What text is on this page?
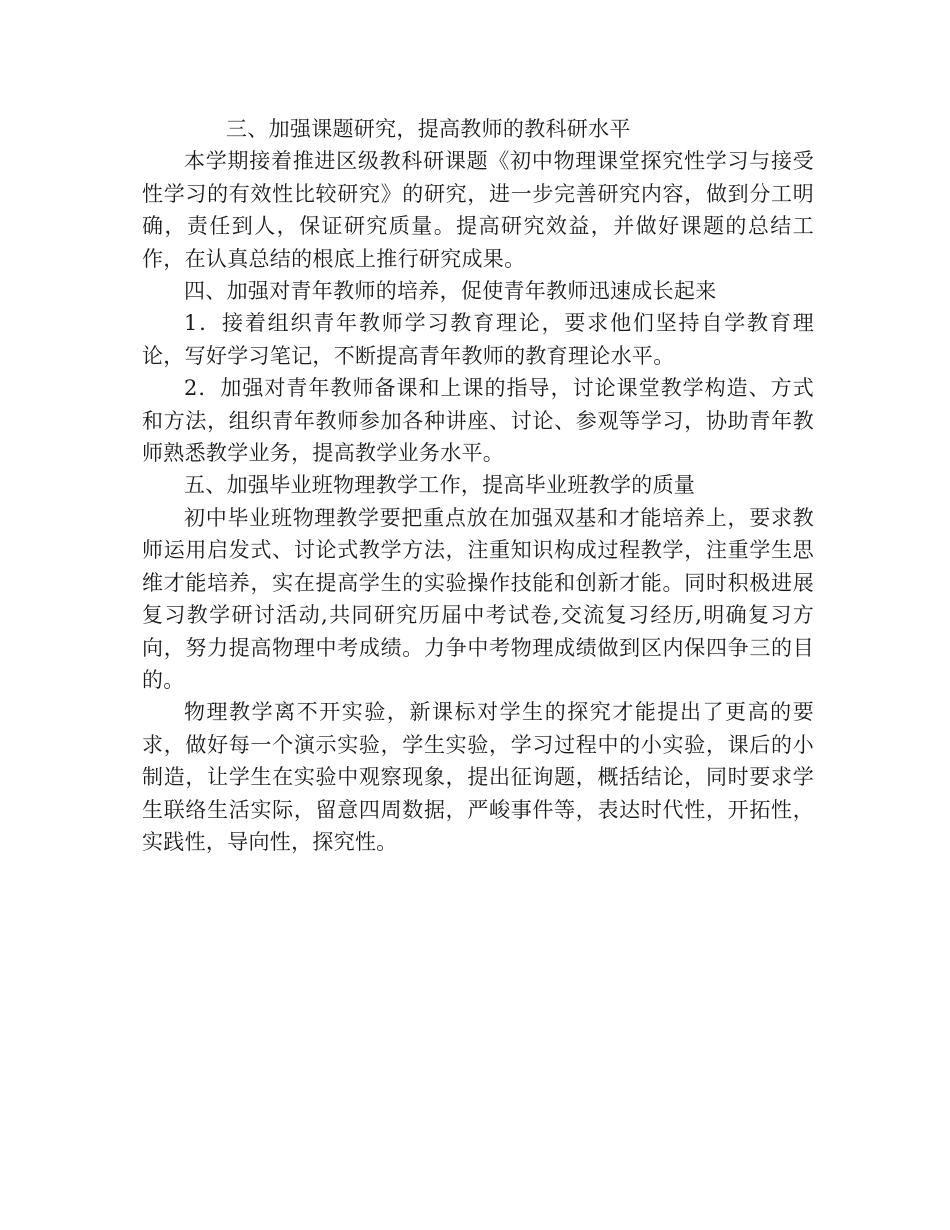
三、加强课题研究，提高教师的教科研水平

本学期接着推进区级教科研课题《初中物理课堂探究性学习与接受性学习的有效性比较研究》的研究，进一步完善研究内容，做到分工明确，责任到人，保证研究质量。提高研究效益，并做好课题的总结工作，在认真总结的根底上推行研究成果。

四、加强对青年教师的培养，促使青年教师迅速成长起来

1．接着组织青年教师学习教育理论，要求他们坚持自学教育理论，写好学习笔记，不断提高青年教师的教育理论水平。

2．加强对青年教师备课和上课的指导，讨论课堂教学构造、方式和方法，组织青年教师参加各种讲座、讨论、参观等学习，协助青年教师熟悉教学业务，提高教学业务水平。

五、加强毕业班物理教学工作，提高毕业班教学的质量

初中毕业班物理教学要把重点放在加强双基和才能培养上，要求教师运用启发式、讨论式教学方法，注重知识构成过程教学，注重学生思维才能培养，实在提高学生的实验操作技能和创新才能。同时积极进展复习教学研讨活动,共同研究历届中考试卷,交流复习经历,明确复习方向，努力提高物理中考成绩。力争中考物理成绩做到区内保四争三的目的。

物理教学离不开实验，新课标对学生的探究才能提出了更高的要求，做好每一个演示实验，学生实验，学习过程中的小实验，课后的小制造，让学生在实验中观察现象，提出征询题，概括结论，同时要求学生联络生活实际，留意四周数据，严峻事件等，表达时代性，开拓性，实践性，导向性，探究性。
